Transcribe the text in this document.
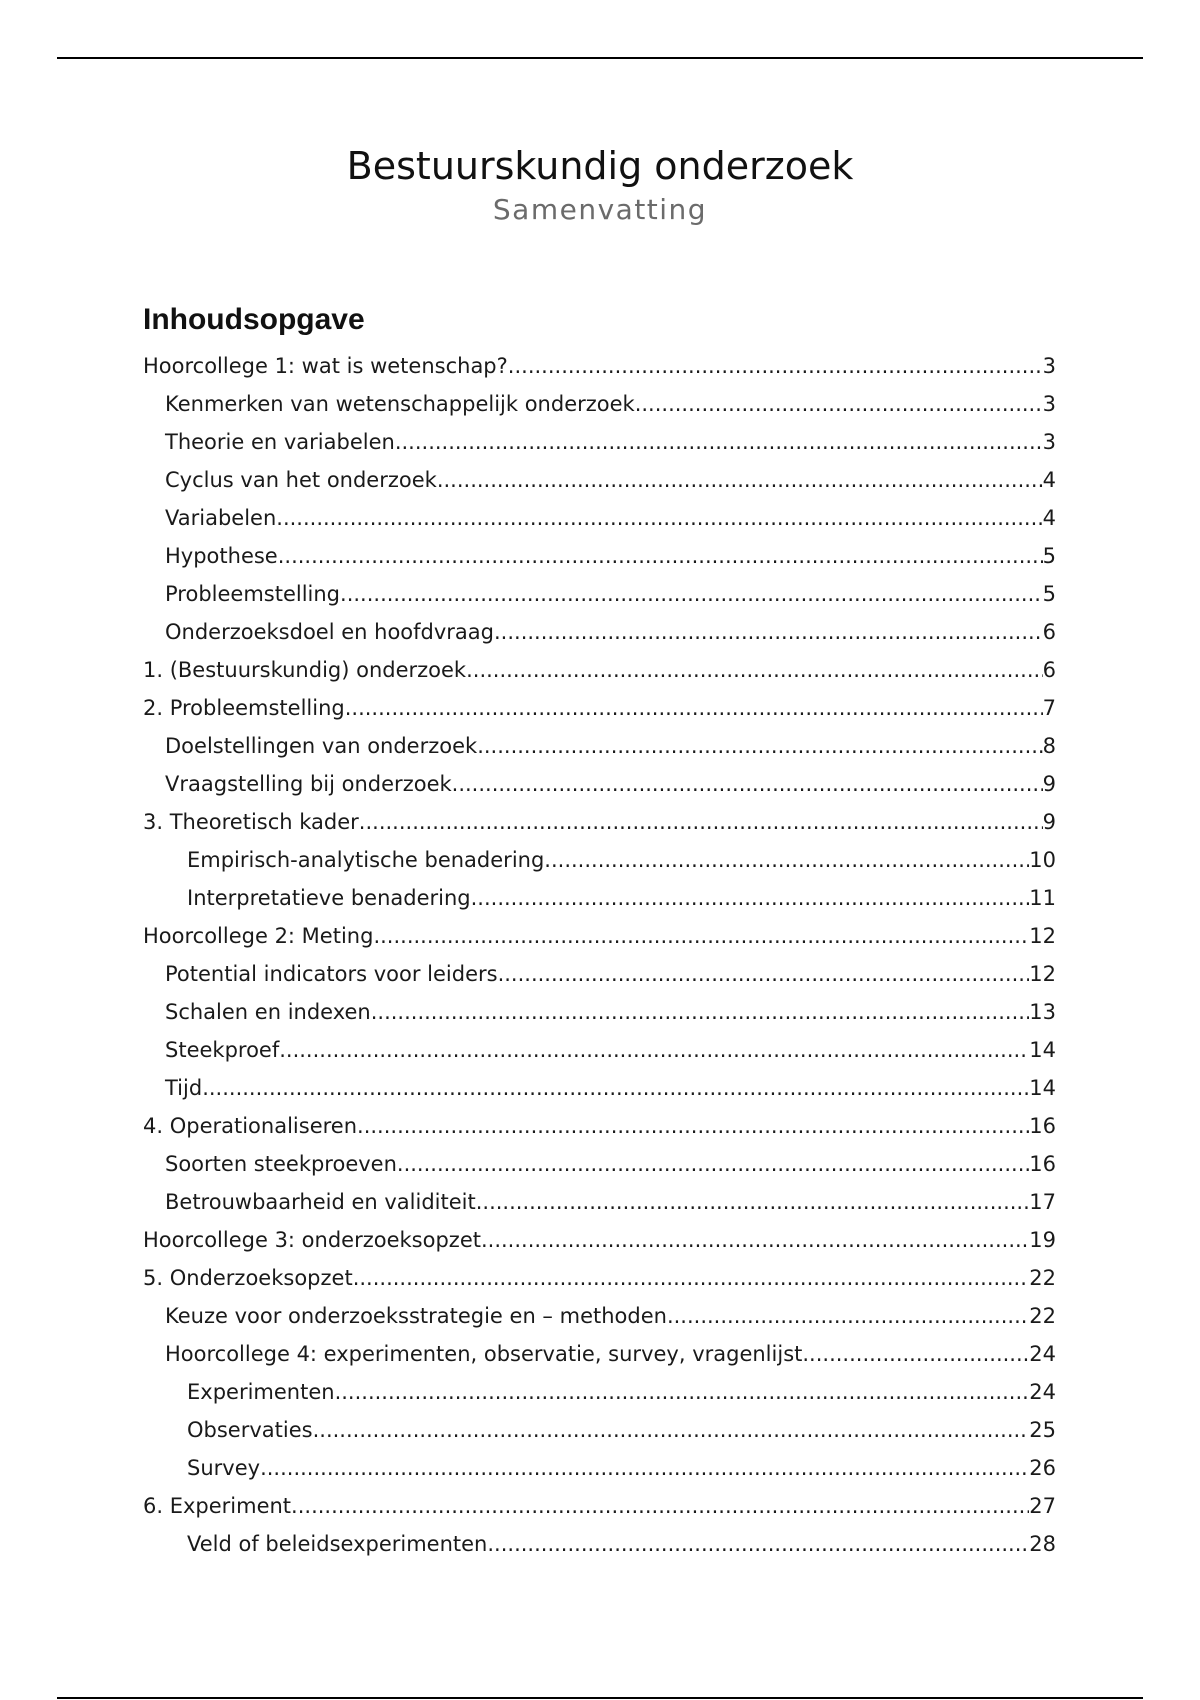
Bestuurskundig onderzoek

Samenvatting

Inhoudsopgave
Hoorcollege 1: wat is wetenschap? .....	3
Kenmerken van wetenschappelijk onderzoek .....	3
Theorie en variabelen .....	3
Cyclus van het onderzoek .....	4
Variabelen .....	4
Hypothese .....	5
Probleemstelling .....	5
Onderzoeksdoel en hoofdvraag .....	6
1. (Bestuurskundig) onderzoek .....	6
2. Probleemstelling .....	7
Doelstellingen van onderzoek .....	8
Vraagstelling bij onderzoek .....	9
3. Theoretisch kader .....	9
Empirisch-analytische benadering .....	10
Interpretatieve benadering .....	11
Hoorcollege 2: Meting .....	12
Potential indicators voor leiders .....	12
Schalen en indexen .....	13
Steekproef .....	14
Tijd .....	14
4. Operationaliseren .....	16
Soorten steekproeven .....	16
Betrouwbaarheid en validiteit .....	17
Hoorcollege 3: onderzoeksopzet .....	19
5. Onderzoeksopzet .....	22
Keuze voor onderzoeksstrategie en – methoden .....	22
Hoorcollege 4: experimenten, observatie, survey, vragenlijst .....	24
Experimenten .....	24
Observaties .....	25
Survey .....	26
6. Experiment .....	27
Veld of beleidsexperimenten .....	28
